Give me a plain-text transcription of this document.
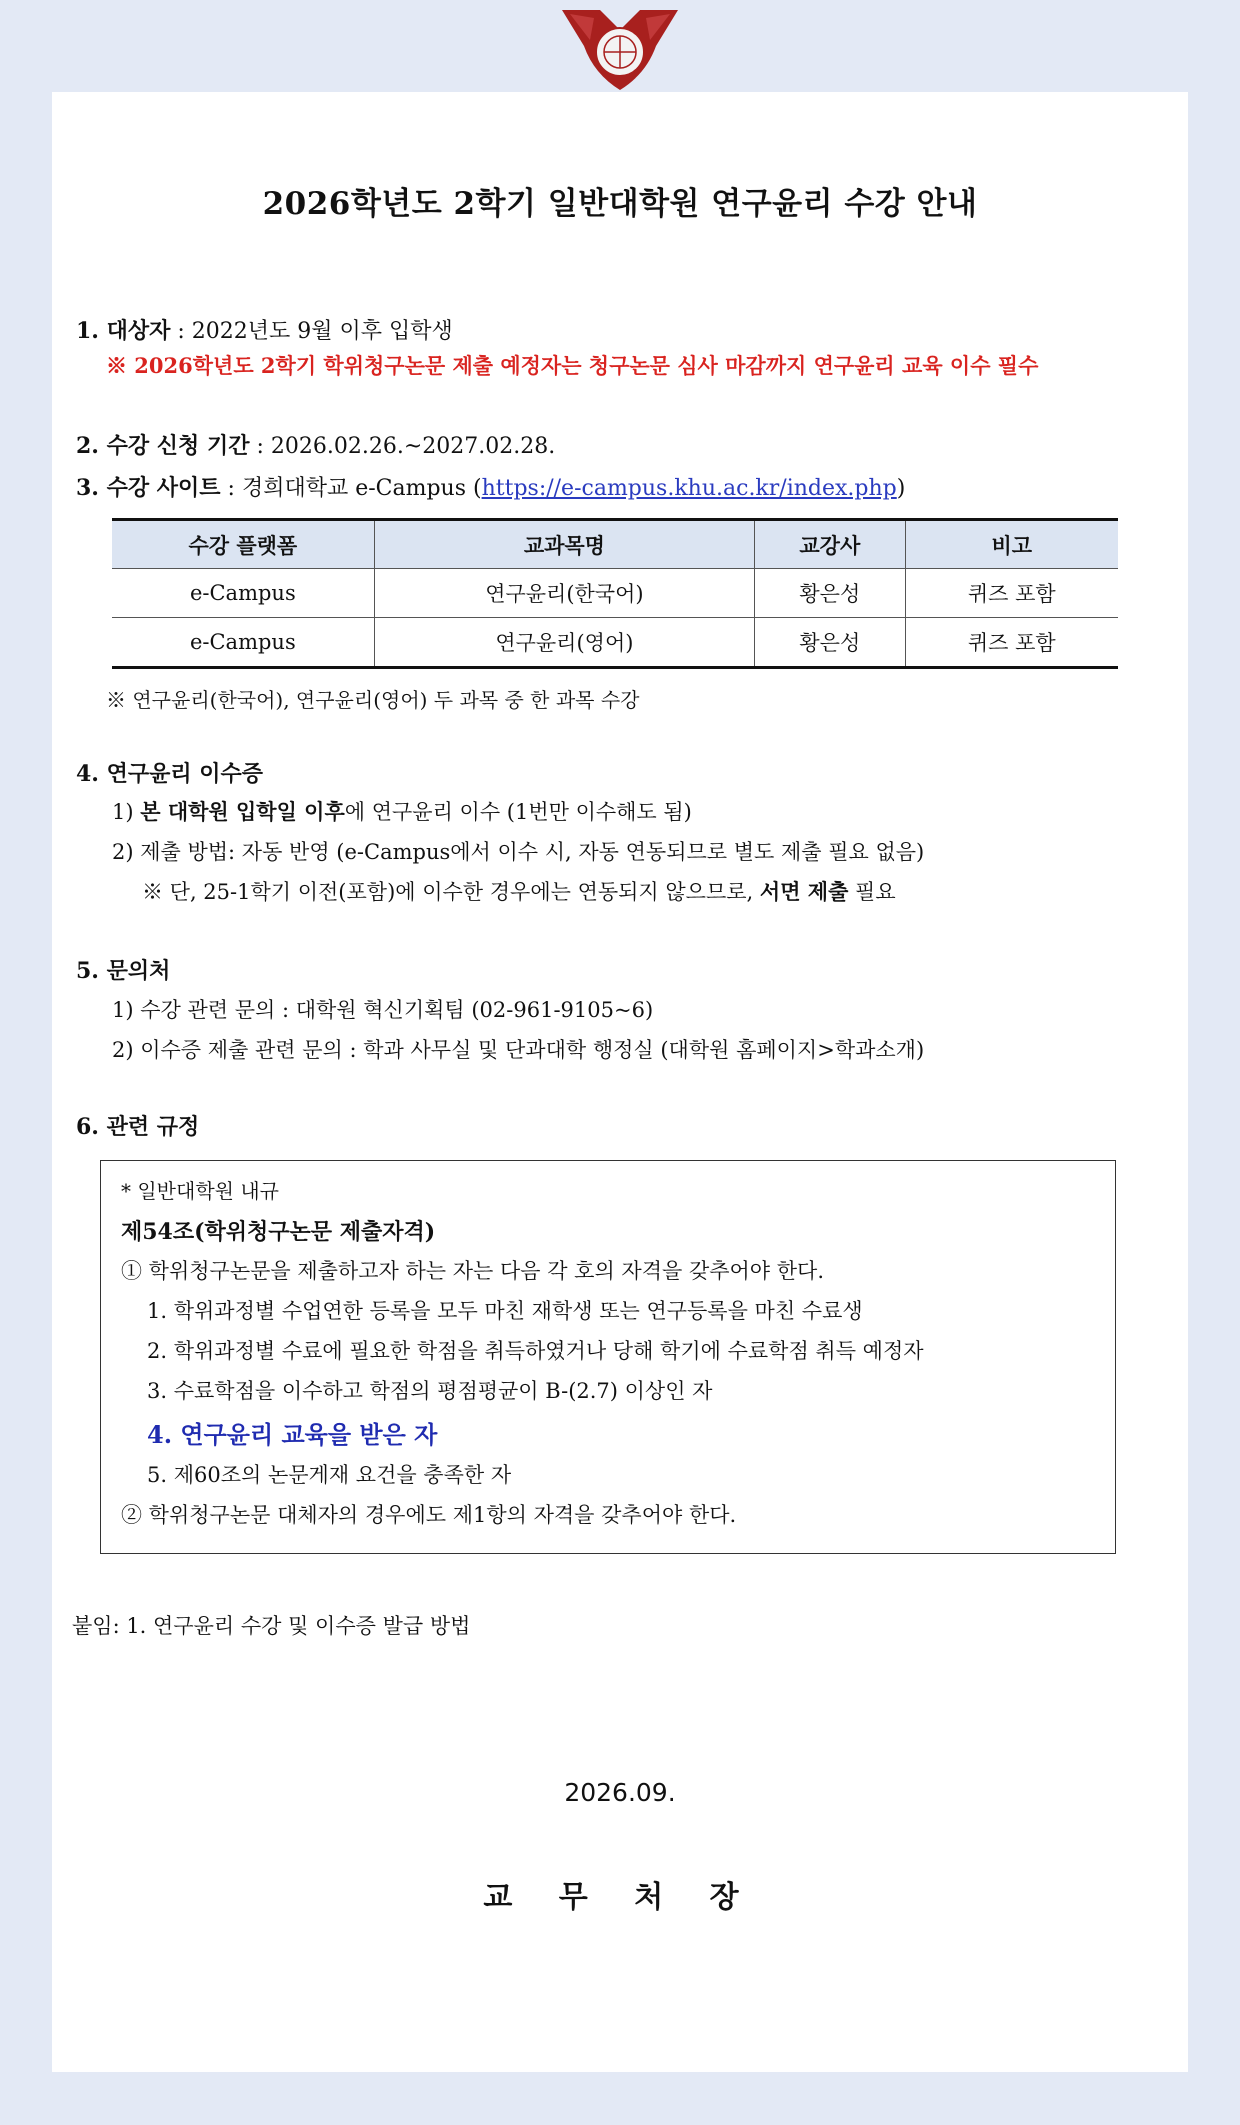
2026학년도 2학기 일반대학원 연구윤리 수강 안내
1. 대상자 : 2022년도 9월 이후 입학생
※ 2026학년도 2학기 학위청구논문 제출 예정자는 청구논문 심사 마감까지 연구윤리 교육 이수 필수
2. 수강 신청 기간 : 2026.02.26.~2027.02.28.
3. 수강 사이트 : 경희대학교 e-Campus (https://e-campus.khu.ac.kr/index.php)
수강 플랫폼	교과목명	교강사	비고
e-Campus	연구윤리(한국어)	황은성	퀴즈 포함
e-Campus	연구윤리(영어)	황은성	퀴즈 포함
※ 연구윤리(한국어), 연구윤리(영어) 두 과목 중 한 과목 수강
4. 연구윤리 이수증
1) 본 대학원 입학일 이후에 연구윤리 이수 (1번만 이수해도 됨)
2) 제출 방법: 자동 반영 (e-Campus에서 이수 시, 자동 연동되므로 별도 제출 필요 없음)
※ 단, 25-1학기 이전(포함)에 이수한 경우에는 연동되지 않으므로, 서면 제출 필요
5. 문의처
1) 수강 관련 문의 : 대학원 혁신기획팀 (02-961-9105~6)
2) 이수증 제출 관련 문의 : 학과 사무실 및 단과대학 행정실 (대학원 홈페이지>학과소개)
6. 관련 규정
* 일반대학원 내규
제54조(학위청구논문 제출자격)
① 학위청구논문을 제출하고자 하는 자는 다음 각 호의 자격을 갖추어야 한다.
1. 학위과정별 수업연한 등록을 모두 마친 재학생 또는 연구등록을 마친 수료생
2. 학위과정별 수료에 필요한 학점을 취득하였거나 당해 학기에 수료학점 취득 예정자
3. 수료학점을 이수하고 학점의 평점평균이 B-(2.7) 이상인 자
4. 연구윤리 교육을 받은 자
5. 제60조의 논문게재 요건을 충족한 자
② 학위청구논문 대체자의 경우에도 제1항의 자격을 갖추어야 한다.
붙임: 1. 연구윤리 수강 및 이수증 발급 방법
2026.09.
교 무 처 장
